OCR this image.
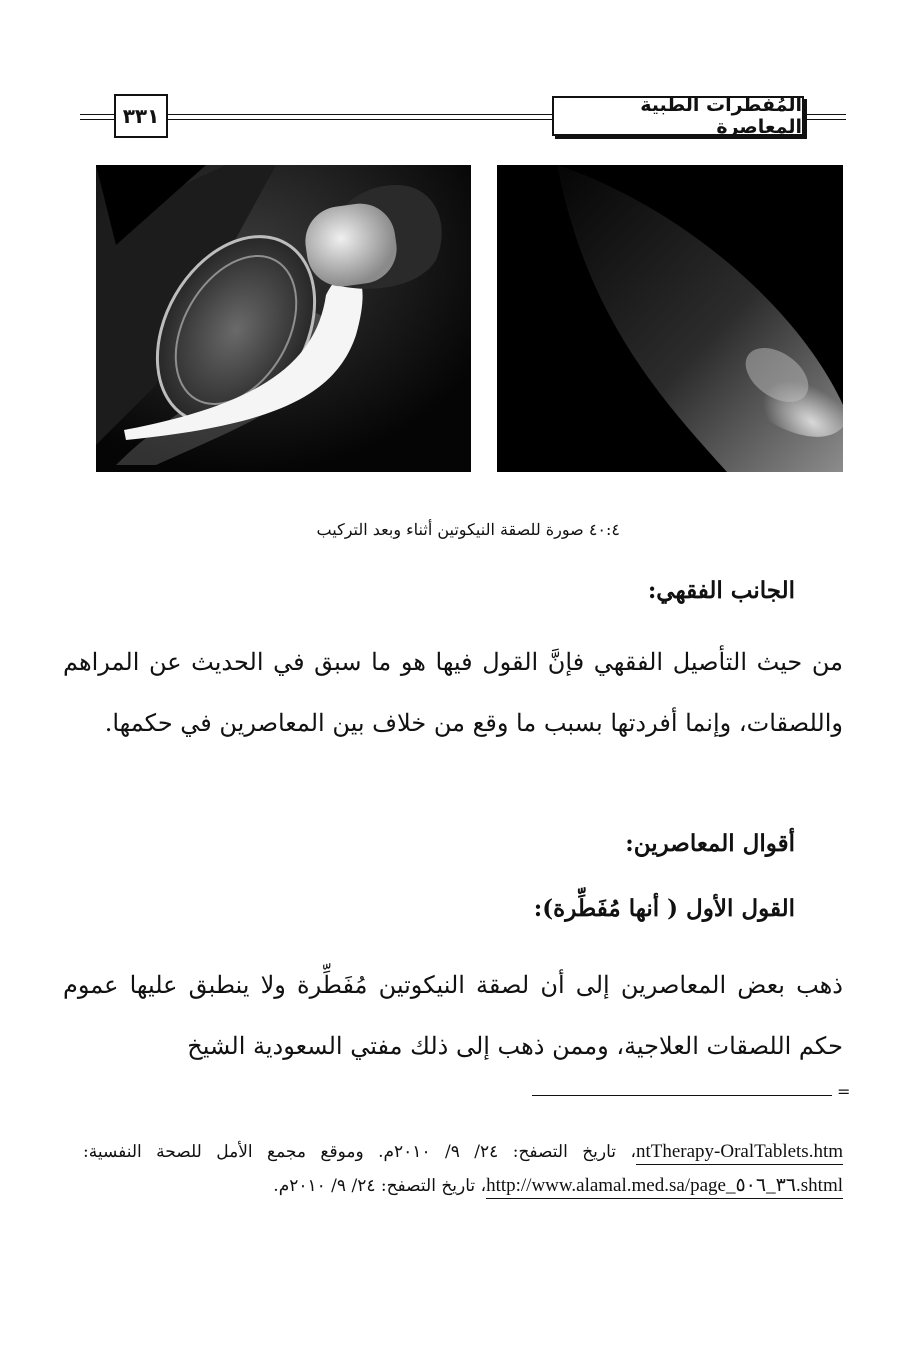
٣٣١	المُفطرات الطبية المعاصرة
٤٠:٤ صورة للصقة النيكوتين أثناء وبعد التركيب
الجانب الفقهي:
من حيث التأصيل الفقهي فإنَّ القول فيها هو ما سبق في الحديث عن المراهم واللصقات، وإنما أفردتها بسبب ما وقع من خلاف بين المعاصرين في حكمها.
أقوال المعاصرين:
القول الأول ( أنها مُفَطِّرة):
ذهب بعض المعاصرين إلى أن لصقة النيكوتين مُفَطِّرة ولا ينطبق عليها عموم حكم اللصقات العلاجية، وممن ذهب إلى ذلك مفتي السعودية الشيخ
=
ntTherapy-OralTablets.htm، تاريخ التصفح: ٢٤/ ٩/ ٢٠١٠م. وموقع مجمع الأمل للصحة النفسية: http://www.alamal.med.sa/page_٣٦_٥٠٦.shtml، تاريخ التصفح: ٢٤/ ٩/ ٢٠١٠م.
